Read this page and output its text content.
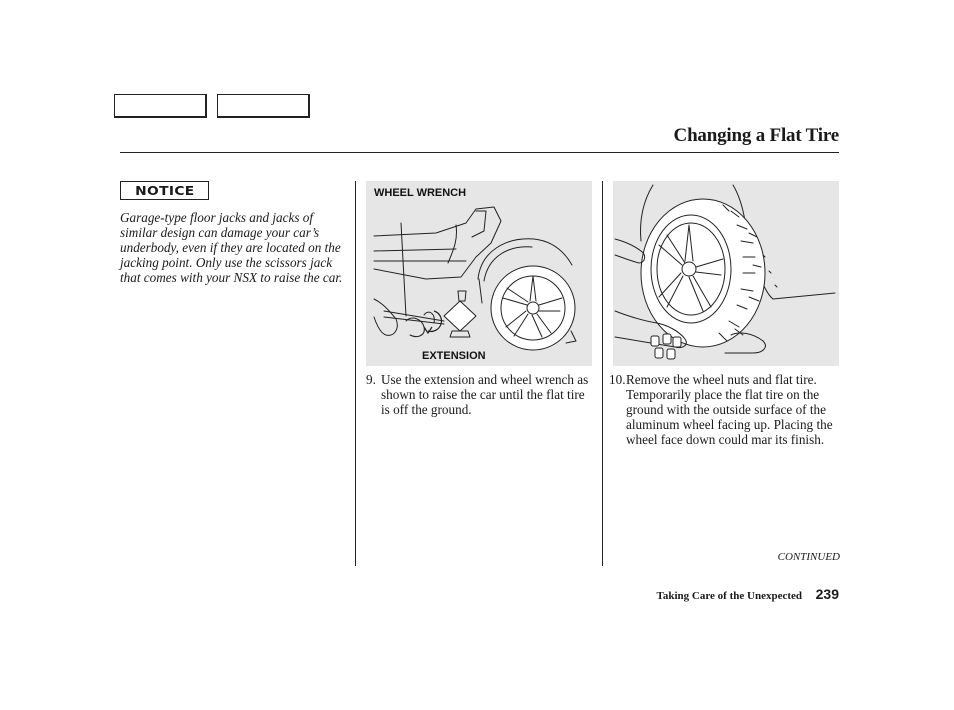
Changing a Flat Tire
NOTICE

Garage-type floor jacks and jacks of similar design can damage your car’s underbody, even if they are located on the jacking point. Only use the scissors jack that comes with your NSX to raise the car.

WHEEL WRENCH
EXTENSION

9. Use the extension and wheel wrench as shown to raise the car until the flat tire is off the ground.

10. Remove the wheel nuts and flat tire. Temporarily place the flat tire on the ground with the outside surface of the aluminum wheel facing up. Placing the wheel face down could mar its finish.

CONTINUED

Taking Care of the Unexpected 239
